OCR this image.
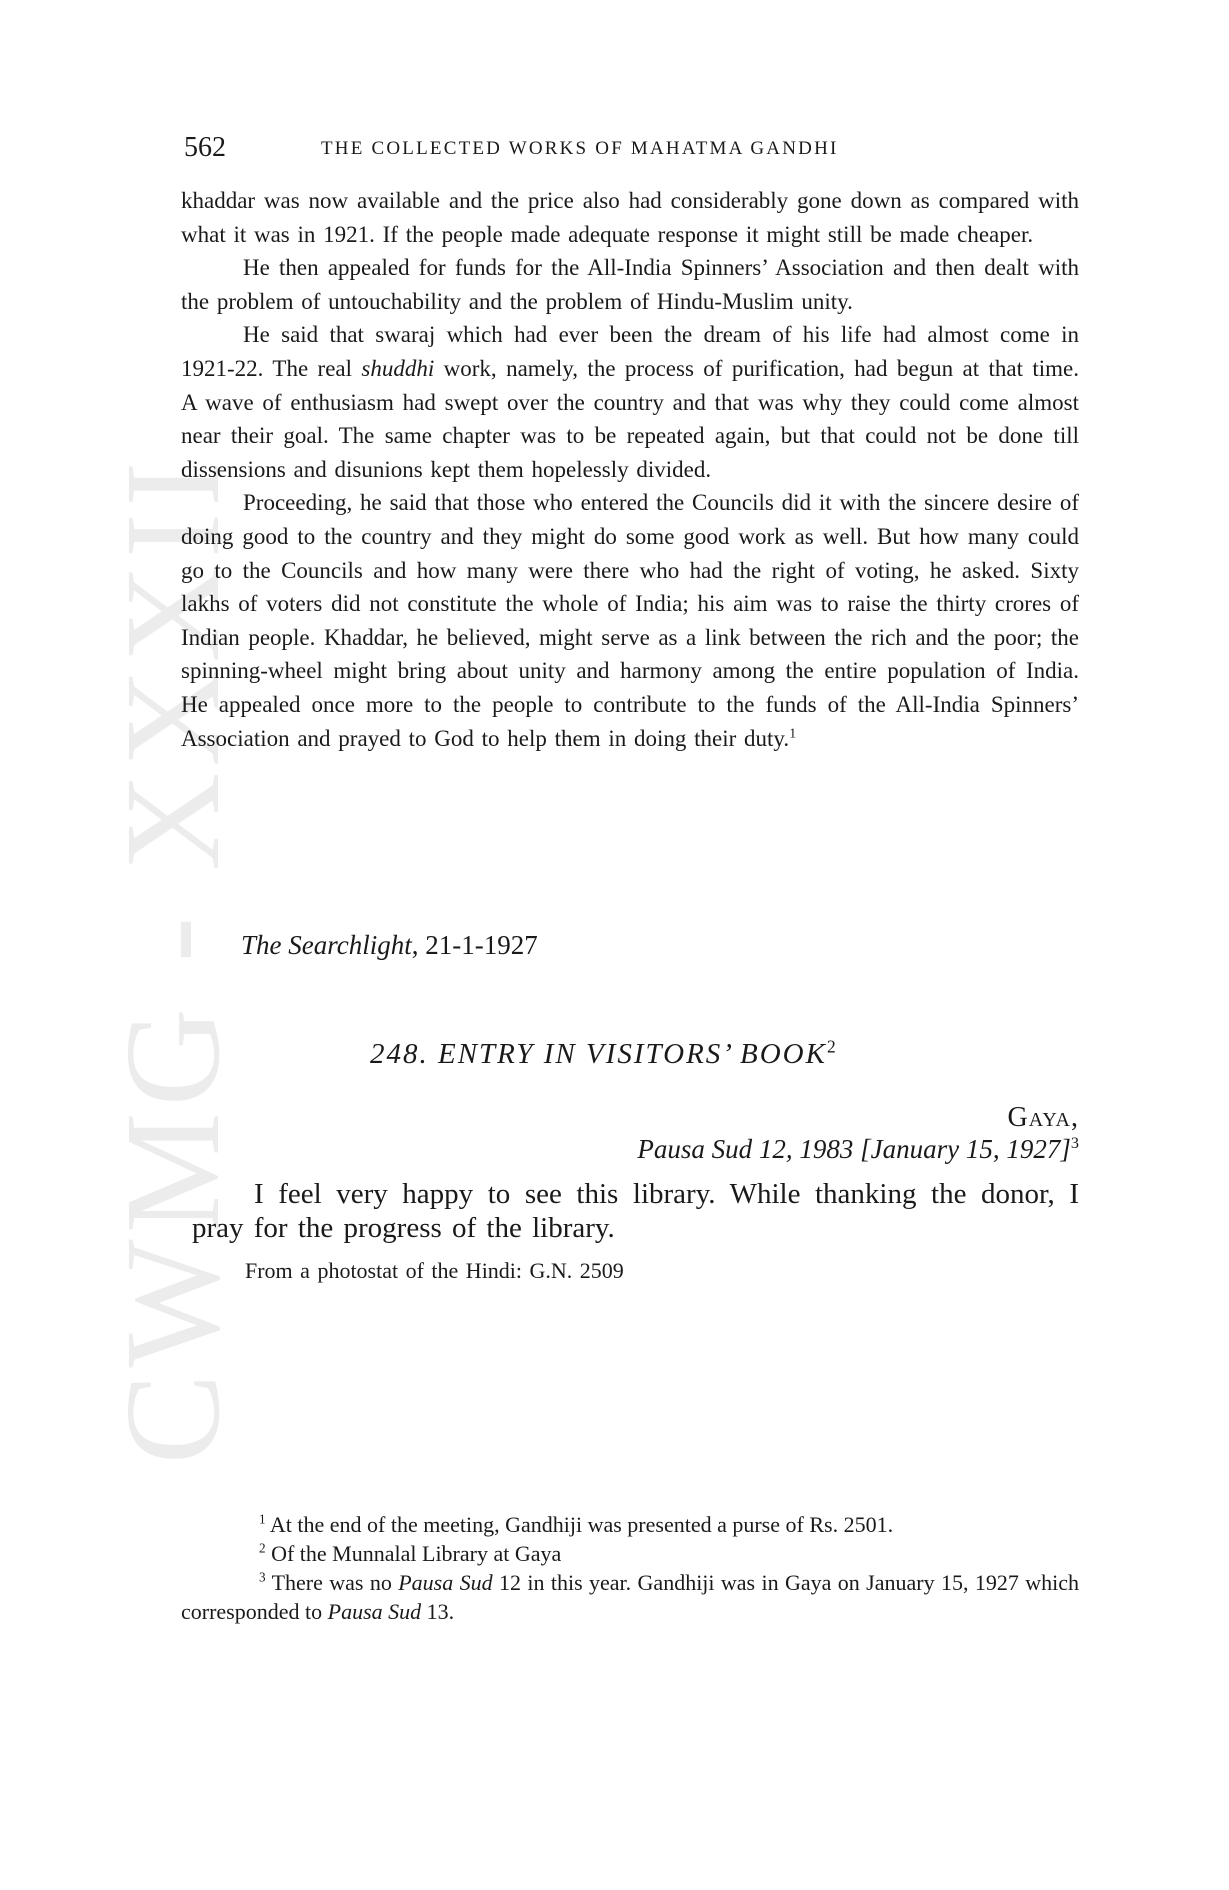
CWMG - XXXII
562	THE COLLECTED WORKS OF MAHATMA GANDHI

khaddar was now available and the price also had considerably gone down as compared with what it was in 1921. If the people made adequate response it might still be made cheaper.

He then appealed for funds for the All-India Spinners’ Association and then dealt with the problem of untouchability and the problem of Hindu-Muslim unity.

He said that swaraj which had ever been the dream of his life had almost come in 1921-22. The real shuddhi work, namely, the process of purification, had begun at that time. A wave of enthusiasm had swept over the country and that was why they could come almost near their goal. The same chapter was to be repeated again, but that could not be done till dissensions and disunions kept them hopelessly divided.

Proceeding, he said that those who entered the Councils did it with the sincere desire of doing good to the country and they might do some good work as well. But how many could go to the Councils and how many were there who had the right of voting, he asked. Sixty lakhs of voters did not constitute the whole of India; his aim was to raise the thirty crores of Indian people. Khaddar, he believed, might serve as a link between the rich and the poor; the spinning-wheel might bring about unity and harmony among the entire population of India. He appealed once more to the people to contribute to the funds of the All-India Spinners’ Association and prayed to God to help them in doing their duty.$^1$

The Searchlight, 21-1-1927
248. ENTRY IN VISITORS’ BOOK$^2$
Gaya,
Pausa Sud 12, 1983 [January 15, 1927]$^3$

I feel very happy to see this library. While thanking the donor, I pray for the progress of the library.

From a photostat of the Hindi: G.N. 2509

$^1$ At the end of the meeting, Gandhiji was presented a purse of Rs. 2501.

$^2$ Of the Munnalal Library at Gaya

$^3$ There was no Pausa Sud 12 in this year. Gandhiji was in Gaya on January 15, 1927 which corresponded to Pausa Sud 13.
